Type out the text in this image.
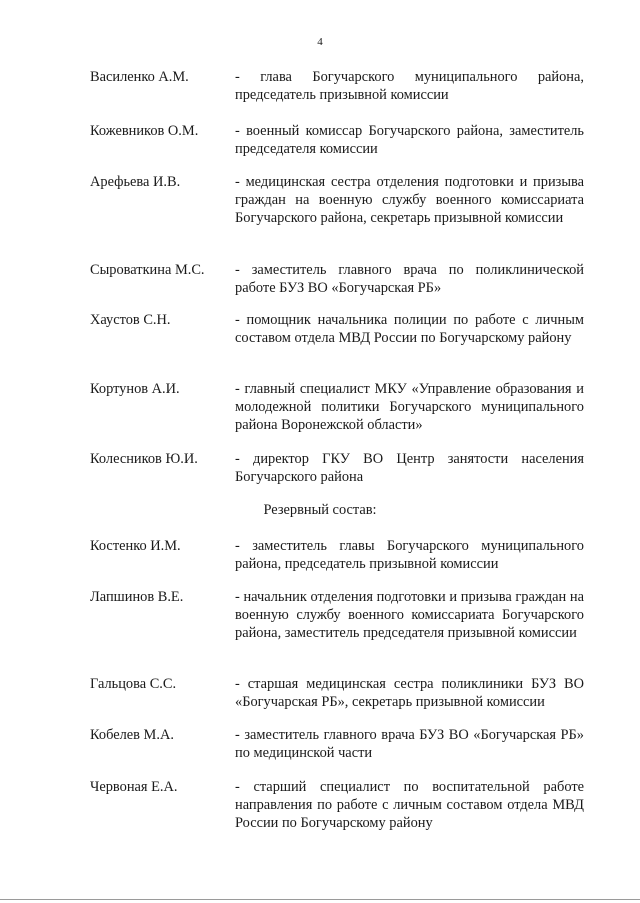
4
Василенко А.М.	- глава Богучарского муниципального района, председатель призывной комиссии
Кожевников О.М.	- военный комиссар Богучарского района, заместитель председателя комиссии
Арефьева И.В.	- медицинская сестра отделения подготовки и призыва граждан на военную службу военного комиссариата Богучарского района, секретарь призывной комиссии
Сыроваткина М.С.	- заместитель главного врача по поликлинической работе БУЗ ВО «Богучарская РБ»
Хаустов С.Н.	- помощник начальника полиции по работе с личным составом отдела МВД России по Богучарскому району
Кортунов А.И.	- главный специалист МКУ «Управление образования и молодежной политики Богучарского муниципального района Воронежской области»
Колесников Ю.И.	- директор ГКУ ВО Центр занятости населения Богучарского района
Резервный состав:
Костенко И.М.	- заместитель главы Богучарского муниципального района, председатель призывной комиссии
Лапшинов В.Е.	- начальник отделения подготовки и призыва граждан на военную службу военного комиссариата Богучарского района, заместитель председателя призывной комиссии
Гальцова С.С.	- старшая медицинская сестра поликлиники БУЗ ВО «Богучарская РБ», секретарь призывной комиссии
Кобелев М.А.	- заместитель главного врача БУЗ ВО «Богучарская РБ» по медицинской части
Червоная Е.А.	- старший специалист по воспитательной работе направления по работе с личным составом отдела МВД России по Богучарскому району
